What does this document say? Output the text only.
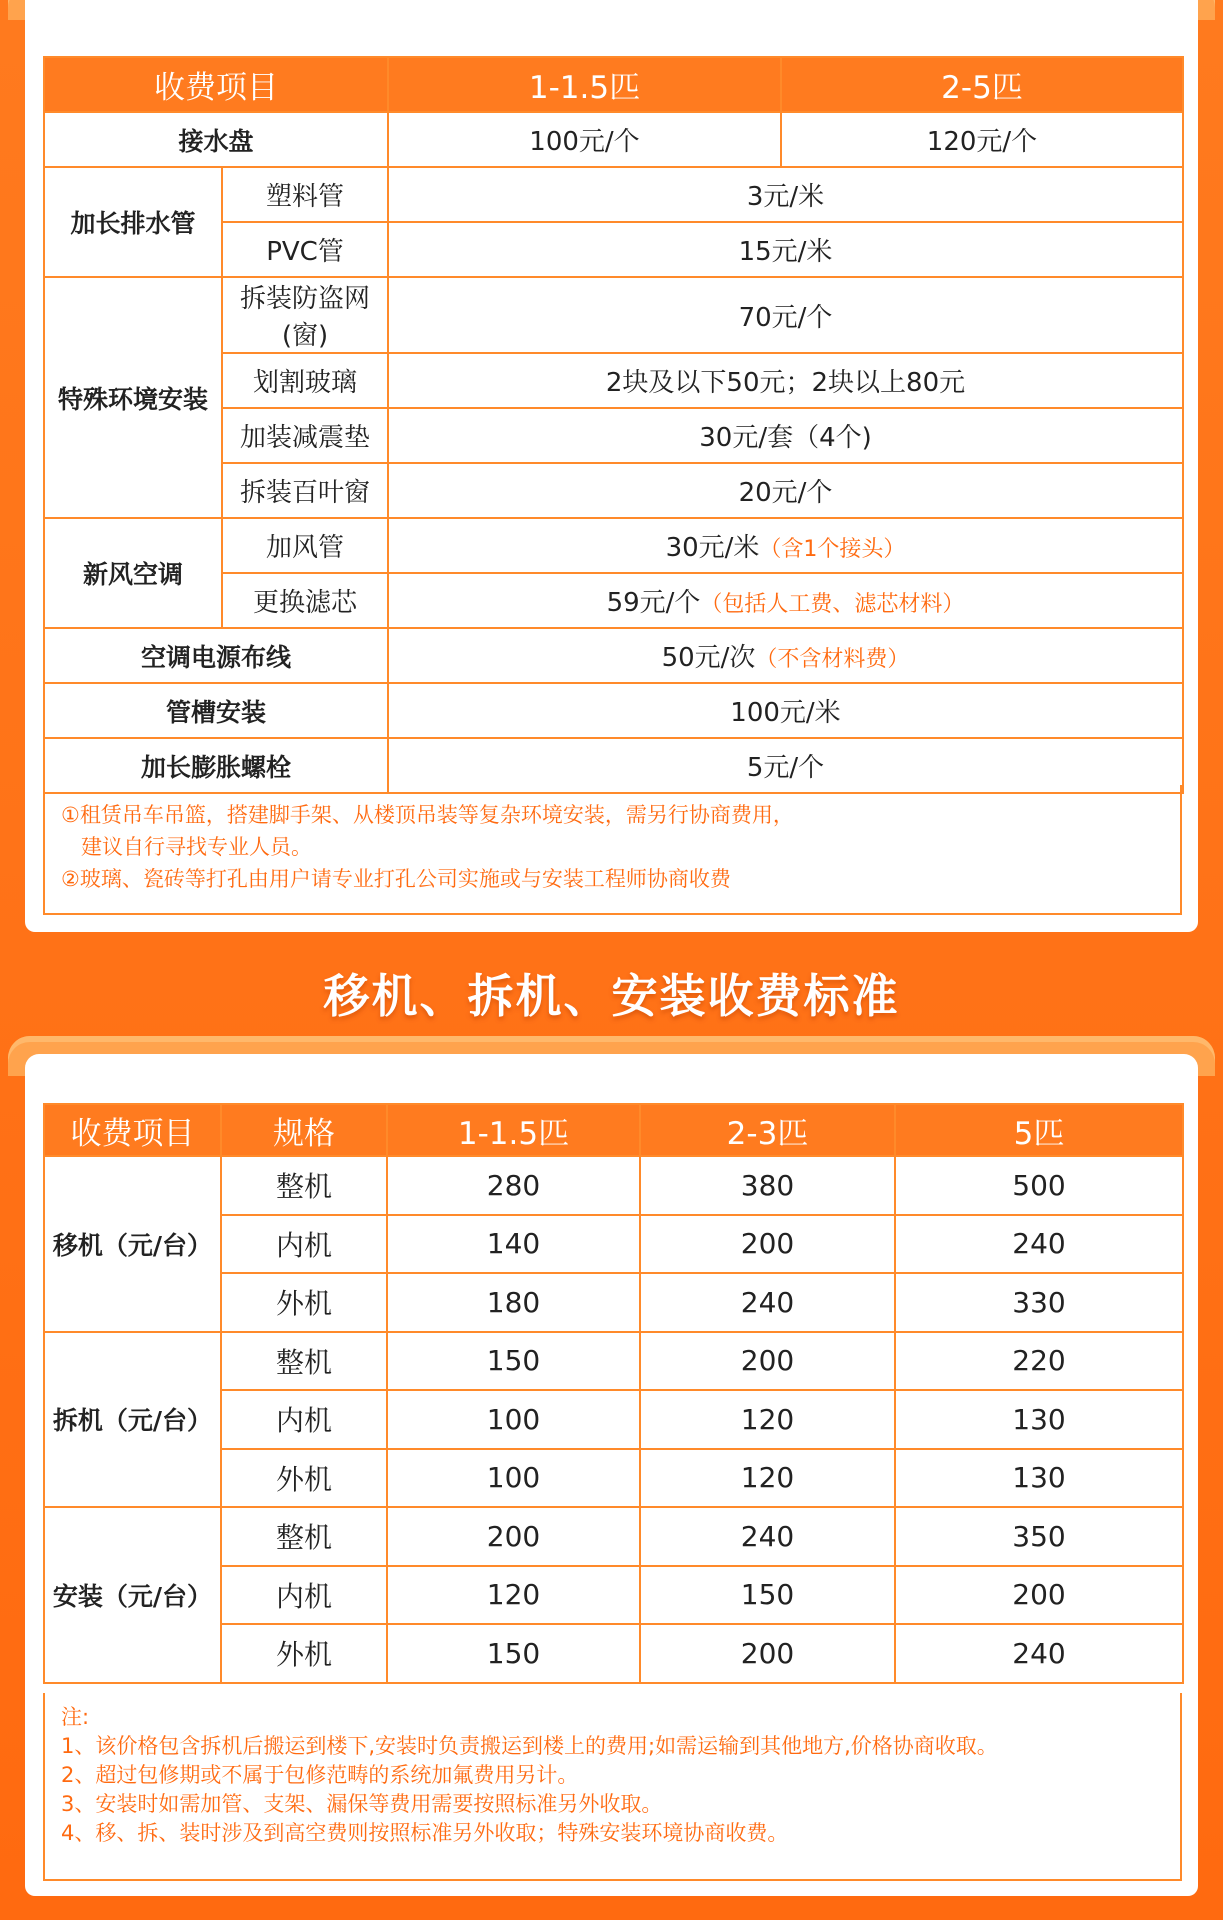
收费项目		1-1.5匹	2-5匹
接水盘		100元/个	120元/个
加长排水管	塑料管	3元/米	
	PVC管	15元/米	
特殊环境安装	拆装防盗网(窗)	70元/个	
	划割玻璃	2块及以下50元；2块以上80元	
	加装减震垫	30元/套（4个)	
	拆装百叶窗	20元/个	
新风空调	加风管	30元/米（含1个接头）	
	更换滤芯	59元/个（包括人工费、滤芯材料）	
空调电源布线		50元/次（不含材料费）	
管槽安装		100元/米	
加长膨胀螺栓		5元/个	

①租赁吊车吊篮，搭建脚手架、从楼顶吊装等复杂环境安装，需另行协商费用，

建议自行寻找专业人员。

②玻璃、瓷砖等打孔由用户请专业打孔公司实施或与安装工程师协商收费

移机、拆机、安装收费标准
收费项目	规格	1-1.5匹	2-3匹	5匹
移机（元/台）	整机	280	380	500
	内机	140	200	240
	外机	180	240	330
拆机（元/台）	整机	150	200	220
	内机	100	120	130
	外机	100	120	130
安装（元/台）	整机	200	240	350
	内机	120	150	200
	外机	150	200	240

注:

1、该价格包含拆机后搬运到楼下,安装时负责搬运到楼上的费用;如需运输到其他地方,价格协商收取。

2、超过包修期或不属于包修范畴的系统加氟费用另计。

3、安装时如需加管、支架、漏保等费用需要按照标准另外收取。

4、移、拆、装时涉及到高空费则按照标准另外收取；特殊安装环境协商收费。
